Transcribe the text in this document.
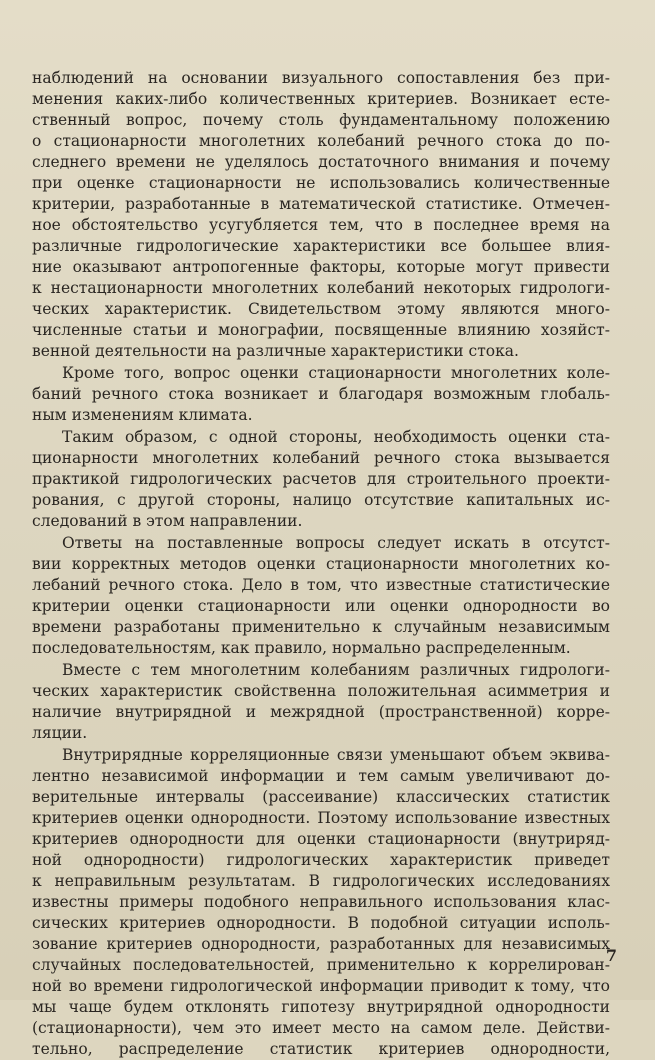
наблюдений на основании визуального сопоставления без при-
менения каких-либо количественных критериев. Возникает есте-
ственный вопрос, почему столь фундаментальному положению
о стационарности многолетних колебаний речного стока до по-
следнего времени не уделялось достаточного внимания и почему
при оценке стационарности не использовались количественные
критерии, разработанные в математической статистике. Отмечен-
ное обстоятельство усугубляется тем, что в последнее время на
различные гидрологические характеристики все большее влия-
ние оказывают антропогенные факторы, которые могут привести
к нестационарности многолетних колебаний некоторых гидрологи-
ческих характеристик. Свидетельством этому являются много-
численные статьи и монографии, посвященные влиянию хозяйст-
венной деятельности на различные характеристики стока.
Кроме того, вопрос оценки стационарности многолетних коле-
баний речного стока возникает и благодаря возможным глобаль-
ным изменениям климата.
Таким образом, с одной стороны, необходимость оценки ста-
ционарности многолетних колебаний речного стока вызывается
практикой гидрологических расчетов для строительного проекти-
рования, с другой стороны, налицо отсутствие капитальных ис-
следований в этом направлении.
Ответы на поставленные вопросы следует искать в отсутст-
вии корректных методов оценки стационарности многолетних ко-
лебаний речного стока. Дело в том, что известные статистические
критерии оценки стационарности или оценки однородности во
времени разработаны применительно к случайным независимым
последовательностям, как правило, нормально распределенным.
Вместе с тем многолетним колебаниям различных гидрологи-
ческих характеристик свойственна положительная асимметрия и
наличие внутрирядной и межрядной (пространственной) корре-
ляции.
Внутрирядные корреляционные связи уменьшают объем эквива-
лентно независимой информации и тем самым увеличивают до-
верительные интервалы (рассеивание) классических статистик
критериев оценки однородности. Поэтому использование известных
критериев однородности для оценки стационарности (внутриряд-
ной однородности) гидрологических характеристик приведет
к неправильным результатам. В гидрологических исследованиях
известны примеры подобного неправильного использования клас-
сических критериев однородности. В подобной ситуации исполь-
зование критериев однородности, разработанных для независимых
случайных последовательностей, применительно к коррелирован-
ной во времени гидрологической информации приводит к тому, что
мы чаще будем отклонять гипотезу внутрирядной однородности
(стационарности), чем это имеет место на самом деле. Действи-
тельно, распределение статистик критериев однородности,
7
